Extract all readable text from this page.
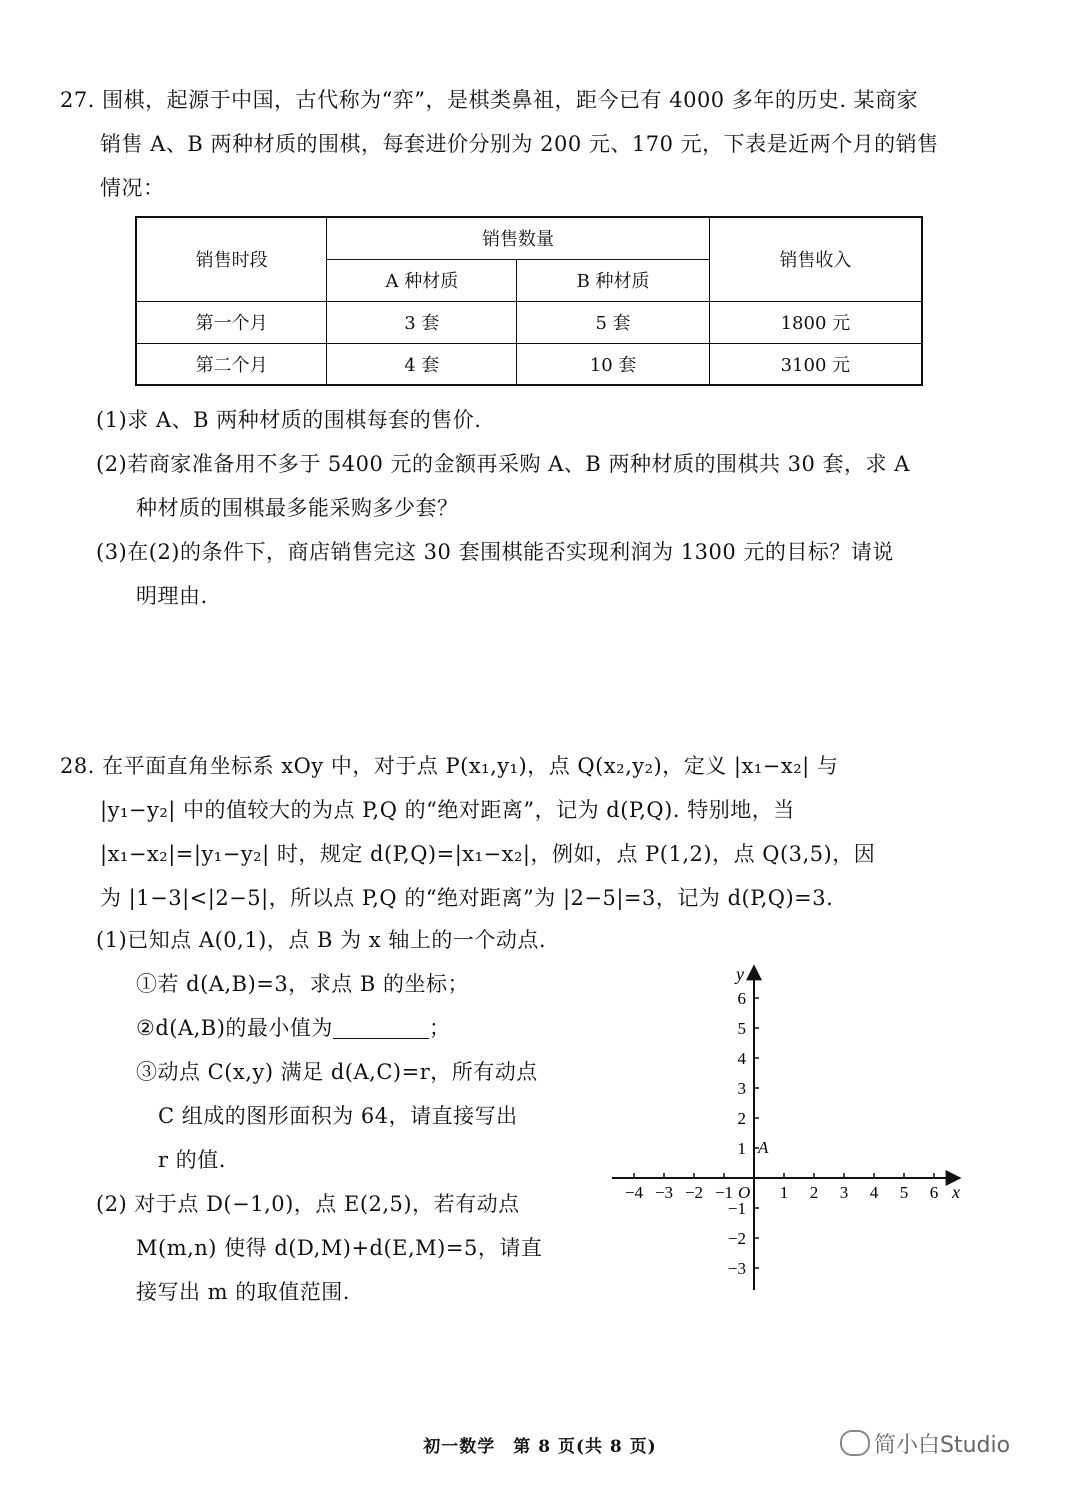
27. 围棋，起源于中国，古代称为“弈”，是棋类鼻祖，距今已有 4000 多年的历史. 某商家
销售 A、B 两种材质的围棋，每套进价分别为 200 元、170 元，下表是近两个月的销售
情况：
销售时段	销售数量		销售收入
	A 种材质	B 种材质	
第一个月	3 套	5 套	1800 元
第二个月	4 套	10 套	3100 元
(1)求 A、B 两种材质的围棋每套的售价.
(2)若商家准备用不多于 5400 元的金额再采购 A、B 两种材质的围棋共 30 套，求 A
种材质的围棋最多能采购多少套？
(3)在(2)的条件下，商店销售完这 30 套围棋能否实现利润为 1300 元的目标？请说
明理由.
28. 在平面直角坐标系 xOy 中，对于点 P(x₁,y₁)，点 Q(x₂,y₂)，定义 |x₁−x₂| 与
|y₁−y₂| 中的值较大的为点 P,Q 的“绝对距离”，记为 d(P,Q). 特别地，当
|x₁−x₂|=|y₁−y₂| 时，规定 d(P,Q)=|x₁−x₂|，例如，点 P(1,2)，点 Q(3,5)，因
为 |1−3|<|2−5|，所以点 P,Q 的“绝对距离”为 |2−5|=3，记为 d(P,Q)=3.
(1)已知点 A(0,1)，点 B 为 x 轴上的一个动点.
①若 d(A,B)=3，求点 B 的坐标；
②d(A,B)的最小值为	；
③动点 C(x,y) 满足 d(A,C)=r，所有动点
C 组成的图形面积为 64，请直接写出
r 的值.
(2) 对于点 D(−1,0)，点 E(2,5)，若有动点
M(m,n) 使得 d(D,M)+d(E,M)=5，请直
接写出 m 的取值范围.
−4 −3 −2 −1	1 2 3 4 5 6
6
5
4
3
2
1
−1
−2
−3
x
y
O
A
初一数学　第 8 页(共 8 页)	简小白Studio
